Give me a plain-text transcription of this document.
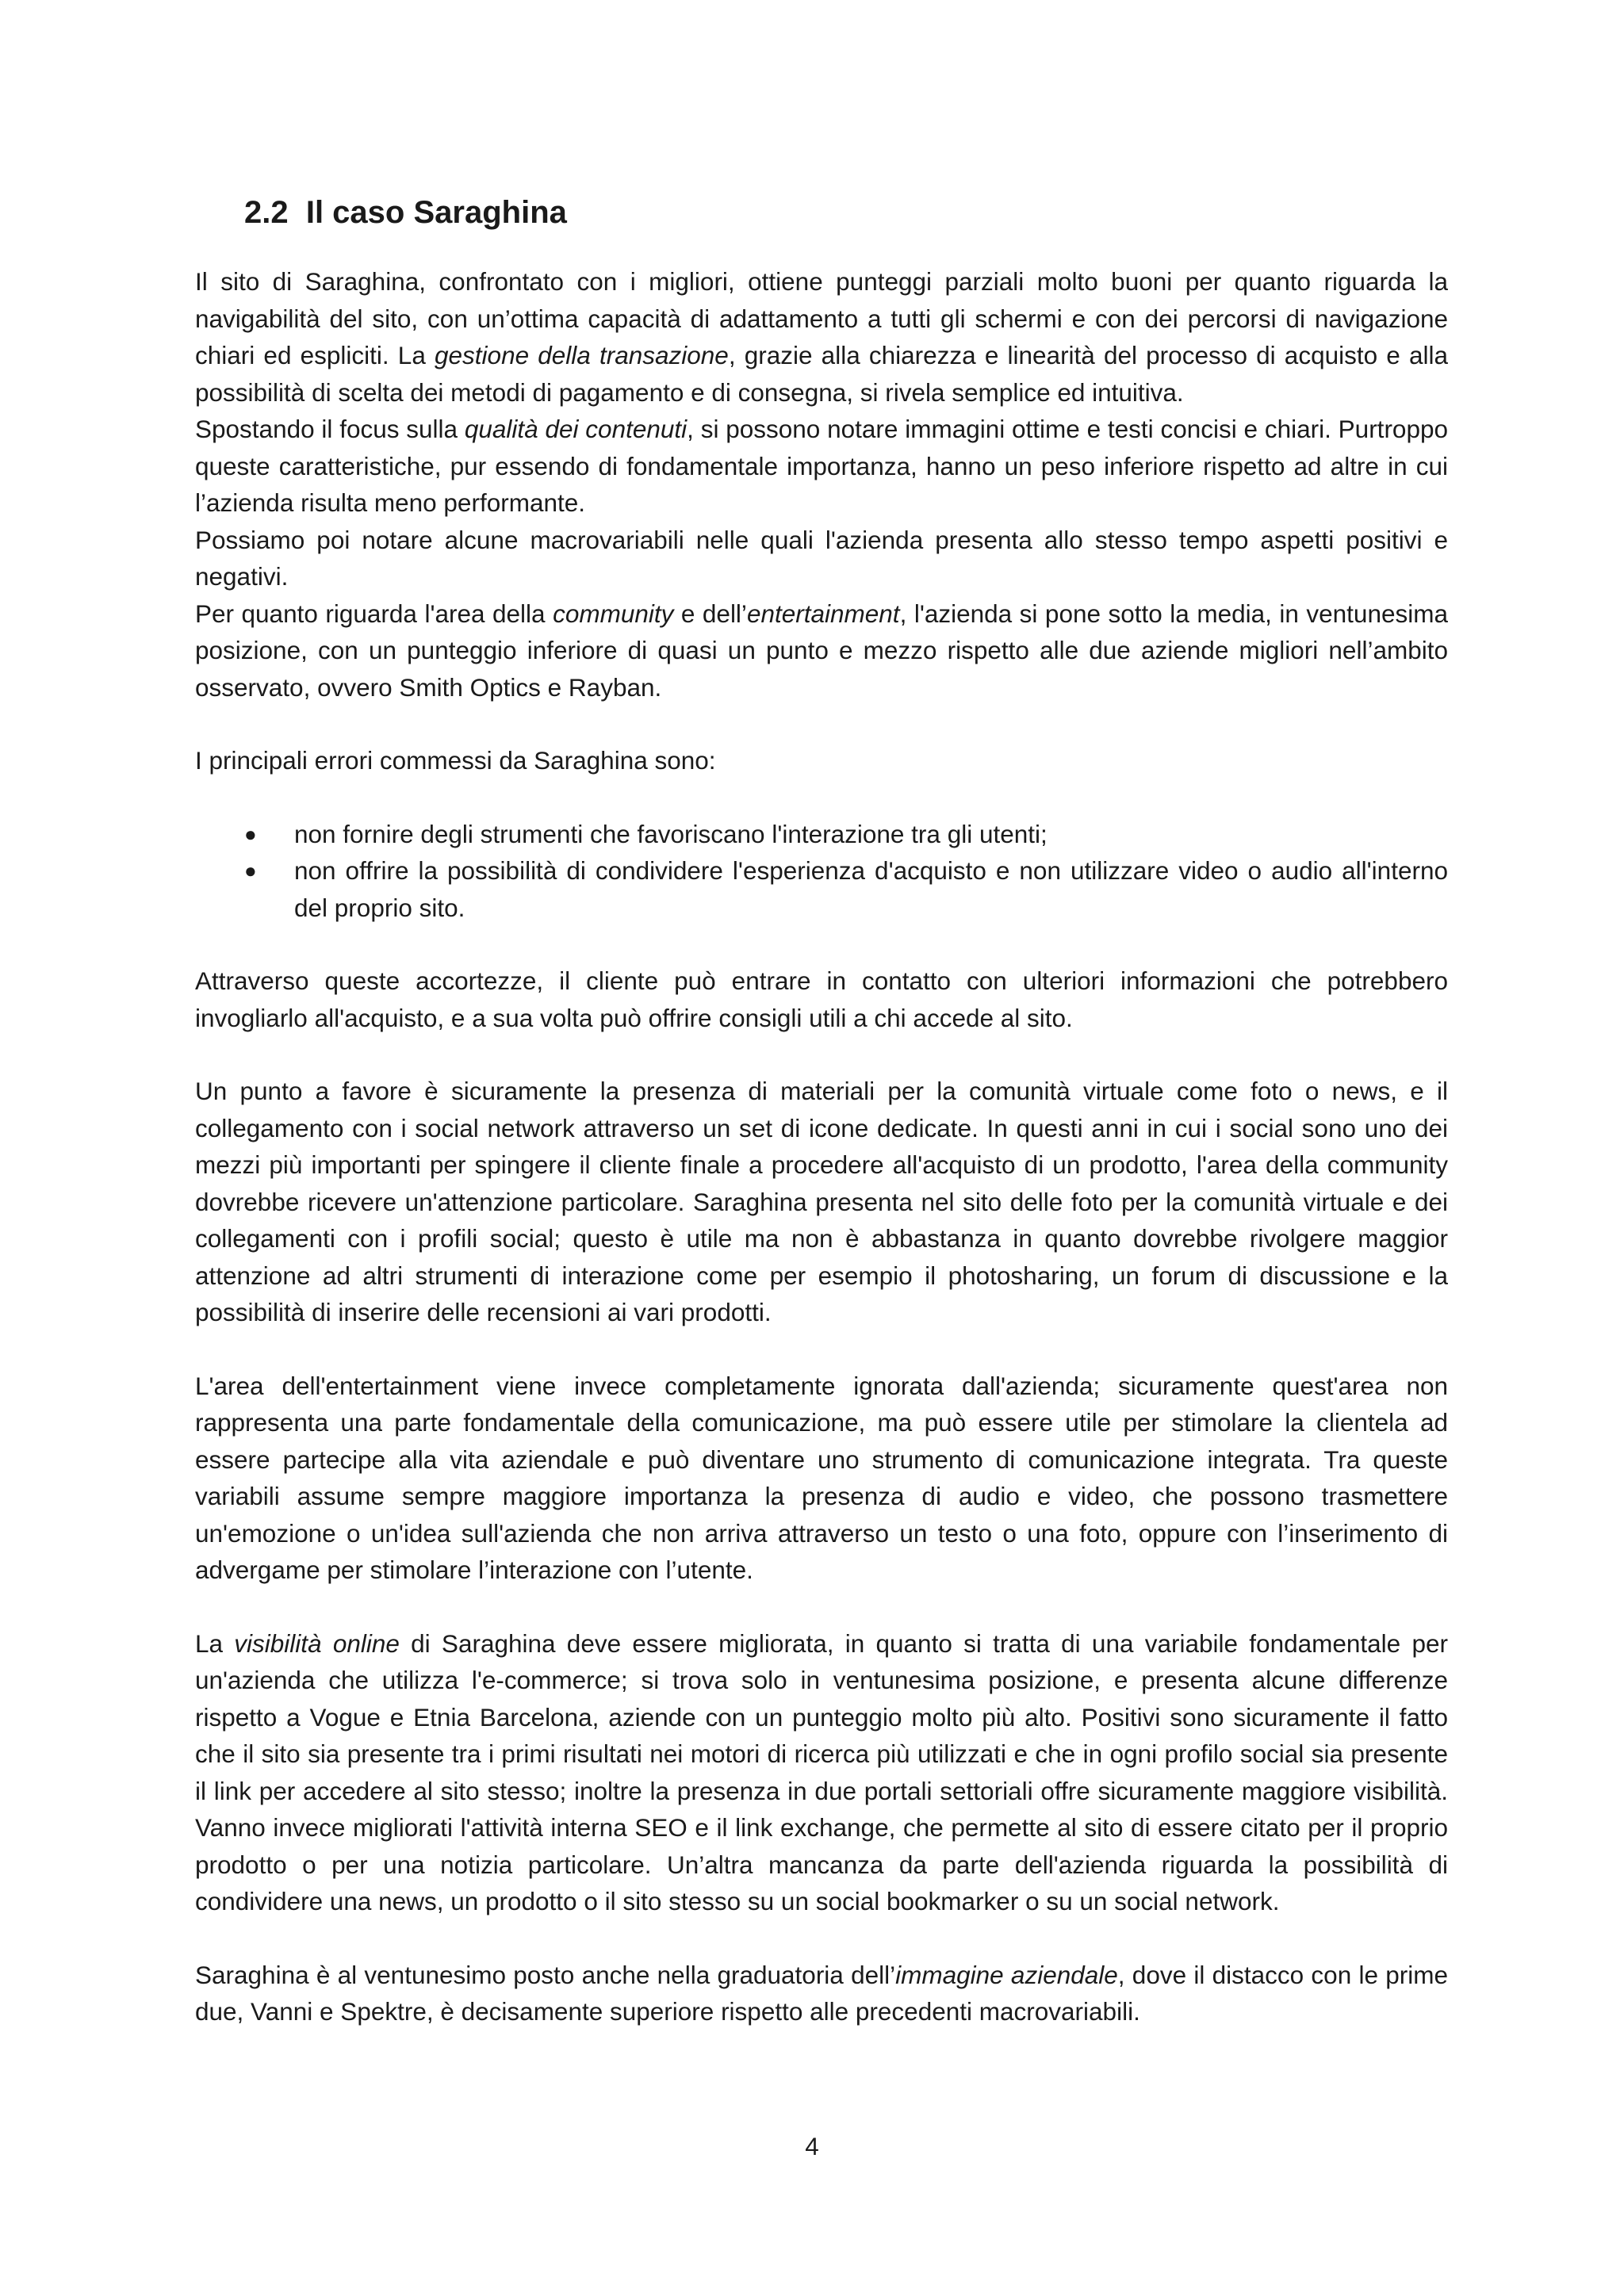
2.2 Il caso Saraghina

Il sito di Saraghina, confrontato con i migliori, ottiene punteggi parziali molto buoni per quanto riguarda la navigabilità del sito, con un’ottima capacità di adattamento a tutti gli schermi e con dei percorsi di navigazione chiari ed espliciti. La gestione della transazione, grazie alla chiarezza e linearità del processo di acquisto e alla possibilità di scelta dei metodi di pagamento e di consegna, si rivela semplice ed intuitiva.

Spostando il focus sulla qualità dei contenuti, si possono notare immagini ottime e testi concisi e chiari. Purtroppo queste caratteristiche, pur essendo di fondamentale importanza, hanno un peso inferiore rispetto ad altre in cui l’azienda risulta meno performante.

Possiamo poi notare alcune macrovariabili nelle quali l'azienda presenta allo stesso tempo aspetti positivi e negativi.

Per quanto riguarda l'area della community e dell’entertainment, l'azienda si pone sotto la media, in ventunesima posizione, con un punteggio inferiore di quasi un punto e mezzo rispetto alle due aziende migliori nell’ambito osservato, ovvero Smith Optics e Rayban.

I principali errori commessi da Saraghina sono:

● non fornire degli strumenti che favoriscano l'interazione tra gli utenti;
● non offrire la possibilità di condividere l'esperienza d'acquisto e non utilizzare video o audio all'interno del proprio sito.

Attraverso queste accortezze, il cliente può entrare in contatto con ulteriori informazioni che potrebbero invogliarlo all'acquisto, e a sua volta può offrire consigli utili a chi accede al sito.

Un punto a favore è sicuramente la presenza di materiali per la comunità virtuale come foto o news, e il collegamento con i social network attraverso un set di icone dedicate. In questi anni in cui i social sono uno dei mezzi più importanti per spingere il cliente finale a procedere all'acquisto di un prodotto, l'area della community dovrebbe ricevere un'attenzione particolare. Saraghina presenta nel sito delle foto per la comunità virtuale e dei collegamenti con i profili social; questo è utile ma non è abbastanza in quanto dovrebbe rivolgere maggior attenzione ad altri strumenti di interazione come per esempio il photosharing, un forum di discussione e la possibilità di inserire delle recensioni ai vari prodotti.

L'area dell'entertainment viene invece completamente ignorata dall'azienda; sicuramente quest'area non rappresenta una parte fondamentale della comunicazione, ma può essere utile per stimolare la clientela ad essere partecipe alla vita aziendale e può diventare uno strumento di comunicazione integrata. Tra queste variabili assume sempre maggiore importanza la presenza di audio e video, che possono trasmettere un'emozione o un'idea sull'azienda che non arriva attraverso un testo o una foto, oppure con l’inserimento di advergame per stimolare l’interazione con l’utente.

La visibilità online di Saraghina deve essere migliorata, in quanto si tratta di una variabile fondamentale per un'azienda che utilizza l'e-commerce; si trova solo in ventunesima posizione, e presenta alcune differenze rispetto a Vogue e Etnia Barcelona, aziende con un punteggio molto più alto. Positivi sono sicuramente il fatto che il sito sia presente tra i primi risultati nei motori di ricerca più utilizzati e che in ogni profilo social sia presente il link per accedere al sito stesso; inoltre la presenza in due portali settoriali offre sicuramente maggiore visibilità. Vanno invece migliorati l'attività interna SEO e il link exchange, che permette al sito di essere citato per il proprio prodotto o per una notizia particolare. Un’altra mancanza da parte dell'azienda riguarda la possibilità di condividere una news, un prodotto o il sito stesso su un social bookmarker o su un social network.

Saraghina è al ventunesimo posto anche nella graduatoria dell’immagine aziendale, dove il distacco con le prime due, Vanni e Spektre, è decisamente superiore rispetto alle precedenti macrovariabili.

4
